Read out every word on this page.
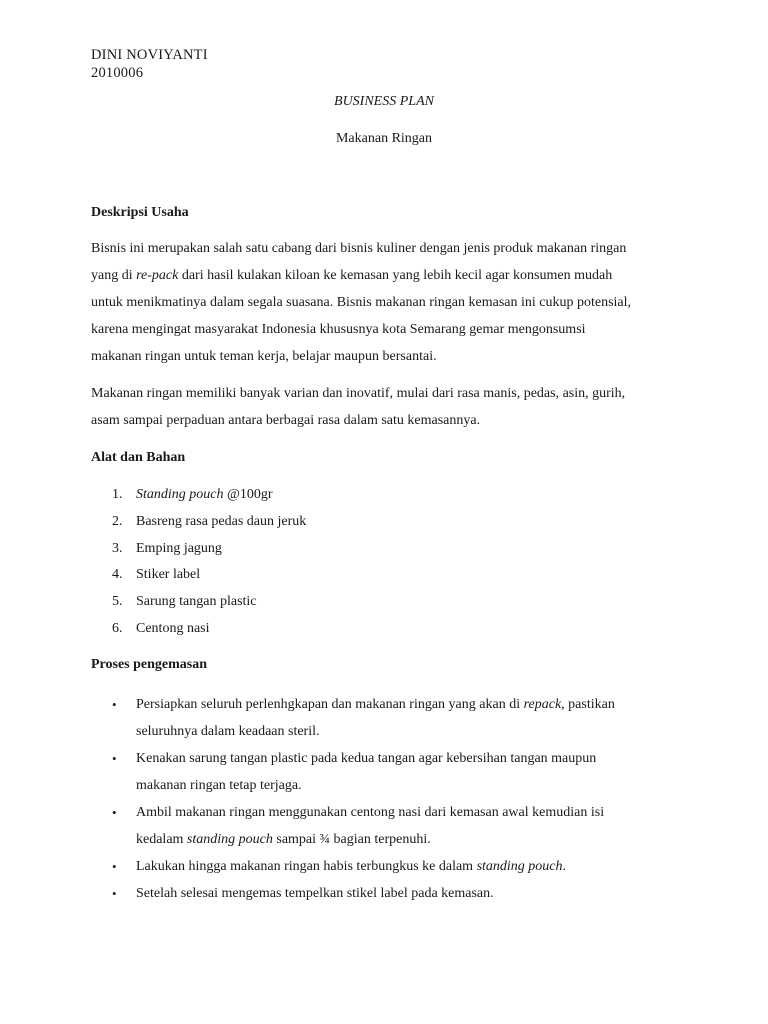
DINI NOVIYANTI
2010006
BUSINESS PLAN
Makanan Ringan
Deskripsi Usaha

Bisnis ini merupakan salah satu cabang dari bisnis kuliner dengan jenis produk makanan ringan
yang di re-pack dari hasil kulakan kiloan ke kemasan yang lebih kecil agar konsumen mudah
untuk menikmatinya dalam segala suasana. Bisnis makanan ringan kemasan ini cukup potensial,
karena mengingat masyarakat Indonesia khususnya kota Semarang gemar mengonsumsi
makanan ringan untuk teman kerja, belajar maupun bersantai.

Makanan ringan memiliki banyak varian dan inovatif, mulai dari rasa manis, pedas, asin, gurih,
asam sampai perpaduan antara berbagai rasa dalam satu kemasannya.

Alat dan Bahan
1. Standing pouch @100gr
2. Basreng rasa pedas daun jeruk
3. Emping jagung
4. Stiker label
5. Sarung tangan plastic
6. Centong nasi
Proses pengemasan
• Persiapkan seluruh perlenhgkapan dan makanan ringan yang akan di repack, pastikan
seluruhnya dalam keadaan steril.
• Kenakan sarung tangan plastic pada kedua tangan agar kebersihan tangan maupun
makanan ringan tetap terjaga.
• Ambil makanan ringan menggunakan centong nasi dari kemasan awal kemudian isi
kedalam standing pouch sampai ¾ bagian terpenuhi.
• Lakukan hingga makanan ringan habis terbungkus ke dalam standing pouch.
• Setelah selesai mengemas tempelkan stikel label pada kemasan.
